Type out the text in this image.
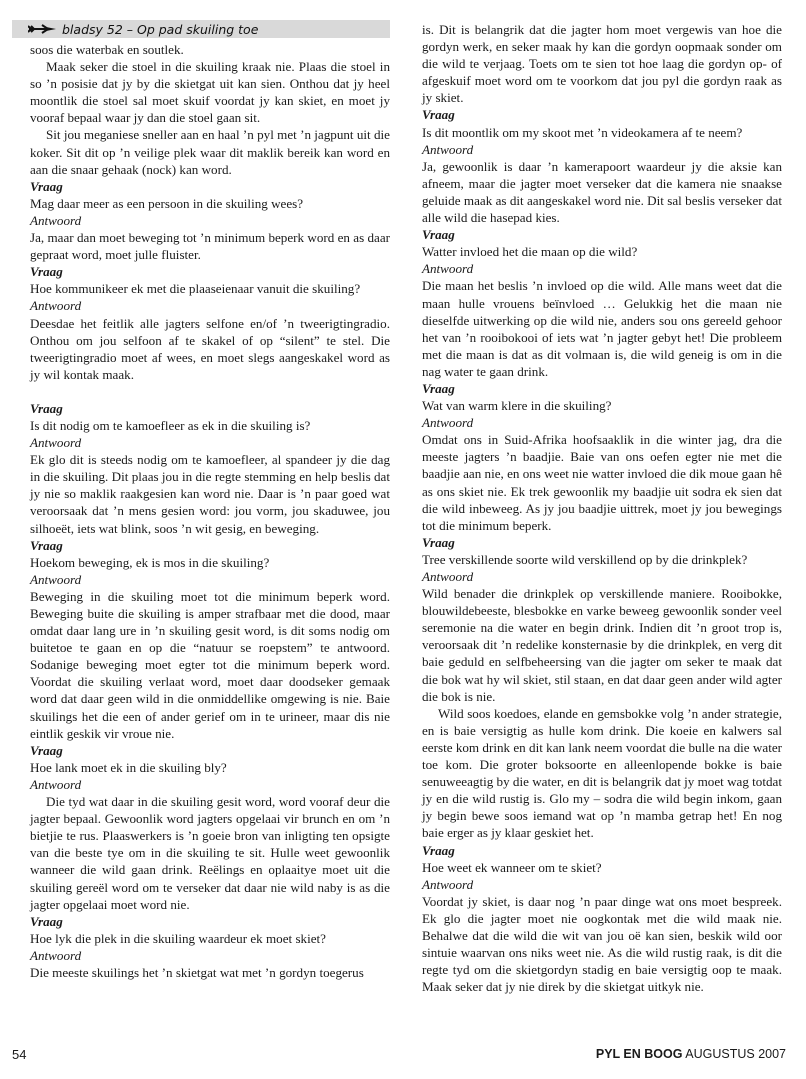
bladsy 52 – Op pad skuiling toe

soos die waterbak en soutlek.

Maak seker die stoel in die skuiling kraak nie. Plaas die stoel in so ’n posisie dat jy by die skietgat uit kan sien. Onthou dat jy heel moontlik die stoel sal moet skuif voordat jy kan skiet, en moet jy vooraf bepaal waar jy dan die stoel gaan sit.

Sit jou meganiese sneller aan en haal ’n pyl met ’n jagpunt uit die koker. Sit dit op ’n veilige plek waar dit maklik bereik kan word en aan die snaar gehaak (nock) kan word.

Vraag

Mag daar meer as een persoon in die skuiling wees?

Antwoord

Ja, maar dan moet beweging tot ’n minimum beperk word en as daar gepraat word, moet julle fluister.

Vraag

Hoe kommunikeer ek met die plaaseienaar vanuit die skuiling?

Antwoord

Deesdae het feitlik alle jagters selfone en/of ’n tweerigtingradio. Onthou om jou selfoon af te skakel of op “silent” te stel. Die tweerigtingradio moet af wees, en moet slegs aangeskakel word as jy wil kontak maak.

Vraag

Is dit nodig om te kamoefleer as ek in die skuiling is?

Antwoord

Ek glo dit is steeds nodig om te kamoefleer, al spandeer jy die dag in die skuiling. Dit plaas jou in die regte stemming en help beslis dat jy nie so maklik raakgesien kan word nie. Daar is ’n paar goed wat veroorsaak dat ’n mens gesien word: jou vorm, jou skaduwee, jou silhoeët, iets wat blink, soos ’n wit gesig, en beweging.

Vraag

Hoekom beweging, ek is mos in die skuiling?

Antwoord

Beweging in die skuiling moet tot die minimum beperk word. Beweging buite die skuiling is amper strafbaar met die dood, maar omdat daar lang ure in ’n skuiling gesit word, is dit soms nodig om buitetoe te gaan en op die “natuur se roepstem” te antwoord. Sodanige beweging moet egter tot die minimum beperk word. Voordat die skuiling verlaat word, moet daar doodseker gemaak word dat daar geen wild in die onmiddellike omgewing is nie. Baie skuilings het die een of ander gerief om in te urineer, maar dis nie eintlik geskik vir vroue nie.

Vraag

Hoe lank moet ek in die skuiling bly?

Antwoord

Die tyd wat daar in die skuiling gesit word, word vooraf deur die jagter bepaal. Gewoonlik word jagters opgelaai vir brunch en om ’n bietjie te rus. Plaaswerkers is ’n goeie bron van inligting ten opsigte van die beste tye om in die skuiling te sit. Hulle weet gewoonlik wanneer die wild gaan drink. Reëlings en oplaaitye moet uit die skuiling gereël word om te verseker dat daar nie wild naby is as die jagter opgelaai moet word nie.

Vraag

Hoe lyk die plek in die skuiling waardeur ek moet skiet?

Antwoord

Die meeste skuilings het ’n skietgat wat met ’n gordyn toegerus

is. Dit is belangrik dat die jagter hom moet vergewis van hoe die gordyn werk, en seker maak hy kan die gordyn oopmaak sonder om die wild te verjaag. Toets om te sien tot hoe laag die gordyn op- of afgeskuif moet word om te voorkom dat jou pyl die gordyn raak as jy skiet.

Vraag

Is dit moontlik om my skoot met ’n videokamera af te neem?

Antwoord

Ja, gewoonlik is daar ’n kamerapoort waardeur jy die aksie kan afneem, maar die jagter moet verseker dat die kamera nie snaakse geluide maak as dit aangeskakel word nie. Dit sal beslis verseker dat alle wild die hasepad kies.

Vraag

Watter invloed het die maan op die wild?

Antwoord

Die maan het beslis ’n invloed op die wild. Alle mans weet dat die maan hulle vrouens beïnvloed … Gelukkig het die maan nie dieselfde uitwerking op die wild nie, anders sou ons gereeld gehoor het van ’n rooibokooi of iets wat ’n jagter gebyt het! Die probleem met die maan is dat as dit volmaan is, die wild geneig is om in die nag water te gaan drink.

Vraag

Wat van warm klere in die skuiling?

Antwoord

Omdat ons in Suid-Afrika hoofsaaklik in die winter jag, dra die meeste jagters ’n baadjie. Baie van ons oefen egter nie met die baadjie aan nie, en ons weet nie watter invloed die dik moue gaan hê as ons skiet nie. Ek trek gewoonlik my baadjie uit sodra ek sien dat die wild inbeweeg. As jy jou baadjie uittrek, moet jy jou bewegings tot die minimum beperk.

Vraag

Tree verskillende soorte wild verskillend op by die drinkplek?

Antwoord

Wild benader die drinkplek op verskillende maniere. Rooibokke, blouwildebeeste, blesbokke en varke beweeg gewoonlik sonder veel seremonie na die water en begin drink. Indien dit ’n groot trop is, veroorsaak dit ’n redelike konsternasie by die drinkplek, en verg dit baie geduld en selfbeheersing van die jagter om seker te maak dat die bok wat hy wil skiet, stil staan, en dat daar geen ander wild agter die bok is nie.

Wild soos koedoes, elande en gemsbokke volg ’n ander strategie, en is baie versigtig as hulle kom drink. Die koeie en kalwers sal eerste kom drink en dit kan lank neem voordat die bulle na die water toe kom. Die groter boksoorte en alleenlopende bokke is baie senuweeagtig by die water, en dit is belangrik dat jy moet wag totdat jy en die wild rustig is. Glo my – sodra die wild begin inkom, gaan jy begin bewe soos iemand wat op ’n mamba getrap het! En nog baie erger as jy klaar geskiet het.

Vraag

Hoe weet ek wanneer om te skiet?

Antwoord

Voordat jy skiet, is daar nog ’n paar dinge wat ons moet bespreek. Ek glo die jagter moet nie oogkontak met die wild maak nie. Behalwe dat die wild die wit van jou oë kan sien, beskik wild oor sintuie waarvan ons niks weet nie. As die wild rustig raak, is dit die regte tyd om die skietgordyn stadig en baie versigtig oop te maak. Maak seker dat jy nie direk by die skietgat uitkyk nie.

54	PYL EN BOOG AUGUSTUS 2007
